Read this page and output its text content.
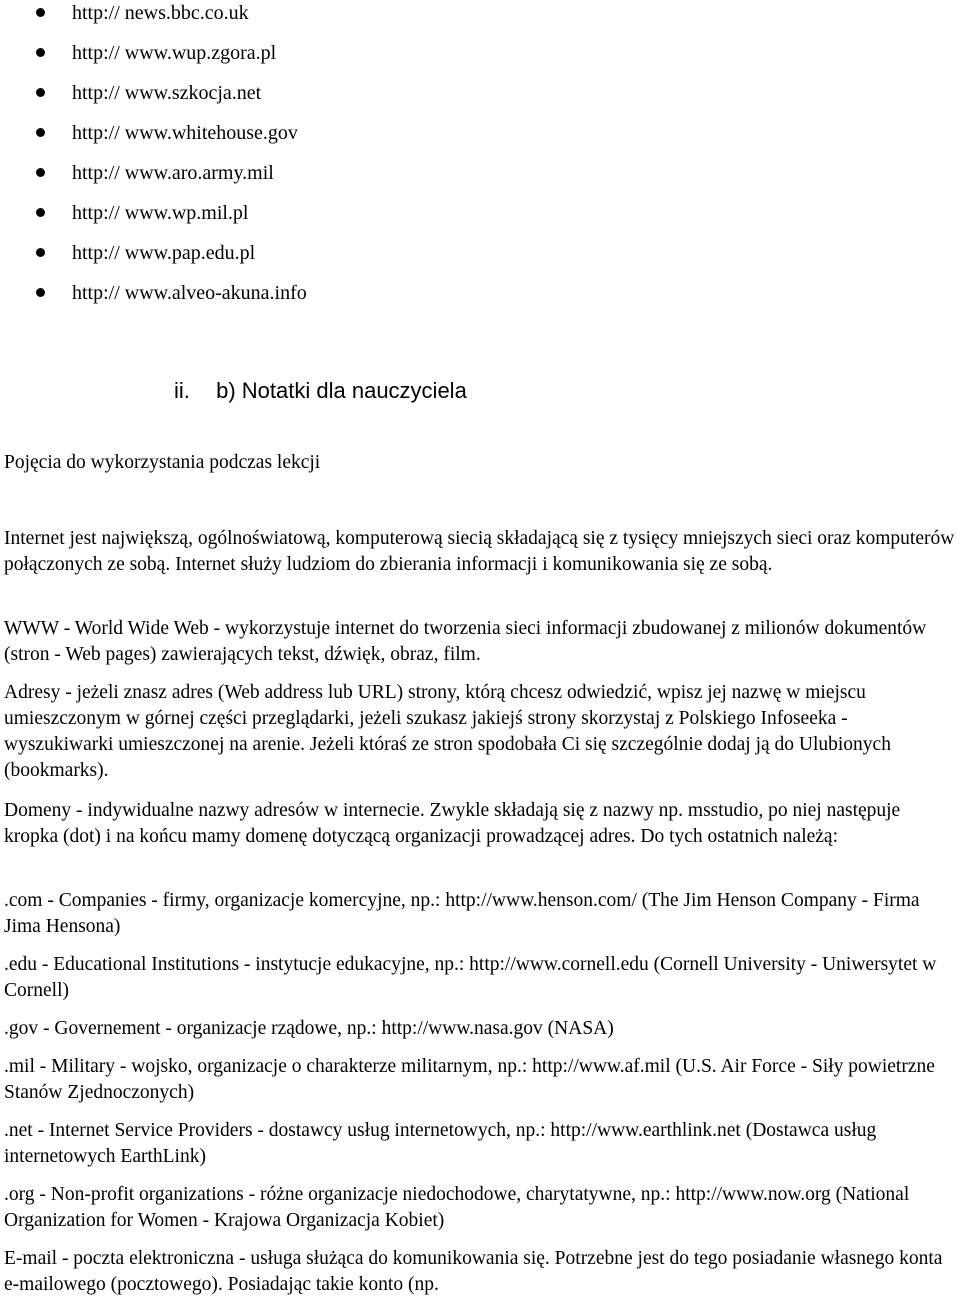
http:// news.bbc.co.uk
http:// www.wup.zgora.pl
http:// www.szkocja.net
http:// www.whitehouse.gov
http:// www.aro.army.mil
http:// www.wp.mil.pl
http:// www.pap.edu.pl
http:// www.alveo-akuna.info
ii. b) Notatki dla nauczyciela

Pojęcia do wykorzystania podczas lekcji

Internet jest największą, ogólnoświatową, komputerową siecią składającą się z tysięcy mniejszych sieci oraz komputerów połączonych ze sobą. Internet służy ludziom do zbierania informacji i komunikowania się ze sobą.

WWW - World Wide Web - wykorzystuje internet do tworzenia sieci informacji zbudowanej z milionów dokumentów (stron - Web pages) zawierających tekst, dźwięk, obraz, film.

Adresy - jeżeli znasz adres (Web address lub URL) strony, którą chcesz odwiedzić, wpisz jej nazwę w miejscu umieszczonym w górnej części przeglądarki, jeżeli szukasz jakiejś strony skorzystaj z Polskiego Infoseeka - wyszukiwarki umieszczonej na arenie. Jeżeli któraś ze stron spodobała Ci się szczególnie dodaj ją do Ulubionych (bookmarks).

Domeny - indywidualne nazwy adresów w internecie. Zwykle składają się z nazwy np. msstudio, po niej następuje kropka (dot) i na końcu mamy domenę dotyczącą organizacji prowadzącej adres. Do tych ostatnich należą:

.com - Companies - firmy, organizacje komercyjne, np.: http://www.henson.com/ (The Jim Henson Company - Firma Jima Hensona)

.edu - Educational Institutions - instytucje edukacyjne, np.: http://www.cornell.edu (Cornell University - Uniwersytet w Cornell)

.gov - Governement - organizacje rządowe, np.: http://www.nasa.gov (NASA)

.mil - Military - wojsko, organizacje o charakterze militarnym, np.: http://www.af.mil (U.S. Air Force - Siły powietrzne Stanów Zjednoczonych)

.net - Internet Service Providers - dostawcy usług internetowych, np.: http://www.earthlink.net (Dostawca usług internetowych EarthLink)

.org - Non-profit organizations - różne organizacje niedochodowe, charytatywne, np.: http://www.now.org (National Organization for Women - Krajowa Organizacja Kobiet)

E-mail - poczta elektroniczna - usługa służąca do komunikowania się. Potrzebne jest do tego posiadanie własnego konta e-mailowego (pocztowego). Posiadając takie konto (np.
